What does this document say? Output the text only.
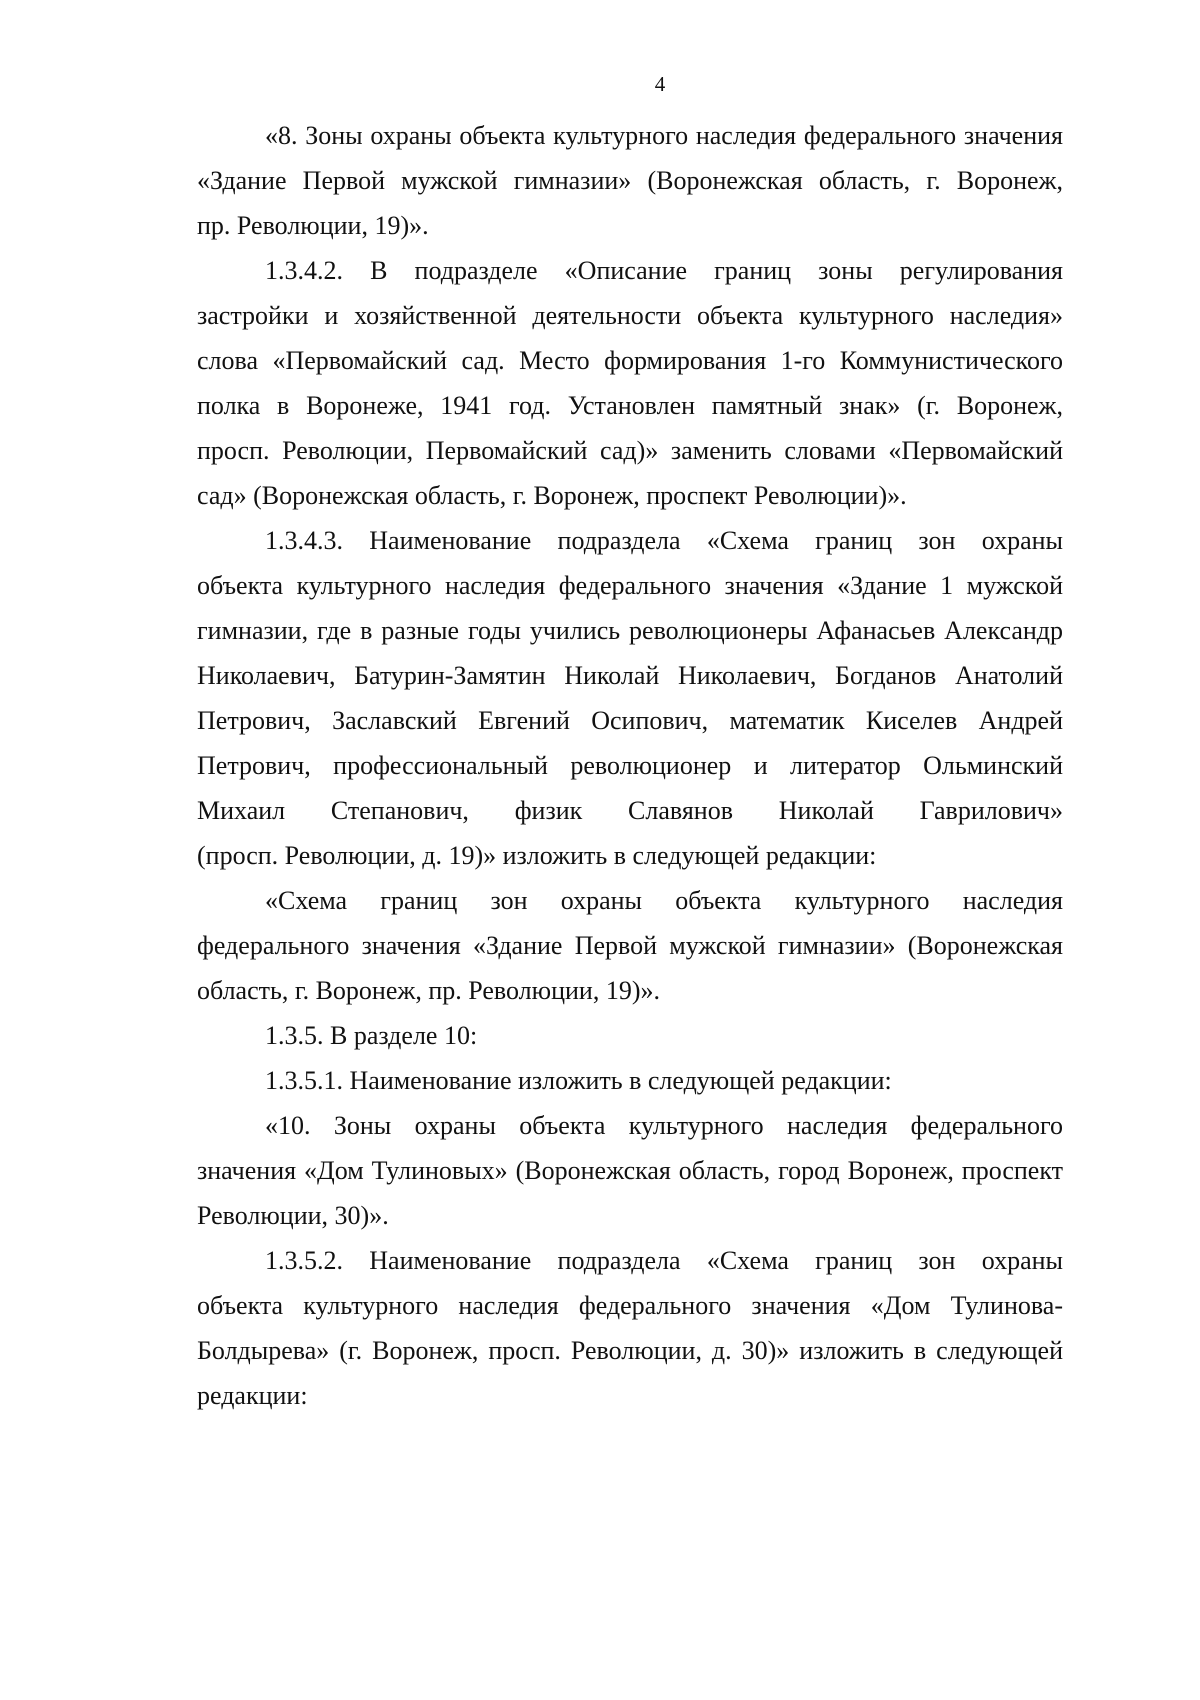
4
«8. Зоны охраны объекта культурного наследия федерального значения
«Здание Первой мужской гимназии» (Воронежская область, г. Воронеж,
пр. Революции, 19)».
1.3.4.2. В подразделе «Описание границ зоны регулирования
застройки и хозяйственной деятельности объекта культурного наследия»
слова «Первомайский сад. Место формирования 1-го Коммунистического
полка в Воронеже, 1941 год. Установлен памятный знак» (г. Воронеж,
просп. Революции, Первомайский сад)» заменить словами «Первомайский
сад» (Воронежская область, г. Воронеж, проспект Революции)».
1.3.4.3. Наименование подраздела «Схема границ зон охраны
объекта культурного наследия федерального значения «Здание 1 мужской
гимназии, где в разные годы учились революционеры Афанасьев Александр
Николаевич, Батурин-Замятин Николай Николаевич, Богданов Анатолий
Петрович, Заславский Евгений Осипович, математик Киселев Андрей
Петрович, профессиональный революционер и литератор Ольминский
Михаил Степанович, физик Славянов Николай Гаврилович»
(просп. Революции, д. 19)» изложить в следующей редакции:
«Схема границ зон охраны объекта культурного наследия
федерального значения «Здание Первой мужской гимназии» (Воронежская
область, г. Воронеж, пр. Революции, 19)».
1.3.5. В разделе 10:
1.3.5.1. Наименование изложить в следующей редакции:
«10. Зоны охраны объекта культурного наследия федерального
значения «Дом Тулиновых» (Воронежская область, город Воронеж, проспект
Революции, 30)».
1.3.5.2. Наименование подраздела «Схема границ зон охраны
объекта культурного наследия федерального значения «Дом Тулинова-
Болдырева» (г. Воронеж, просп. Революции, д. 30)» изложить в следующей
редакции:
